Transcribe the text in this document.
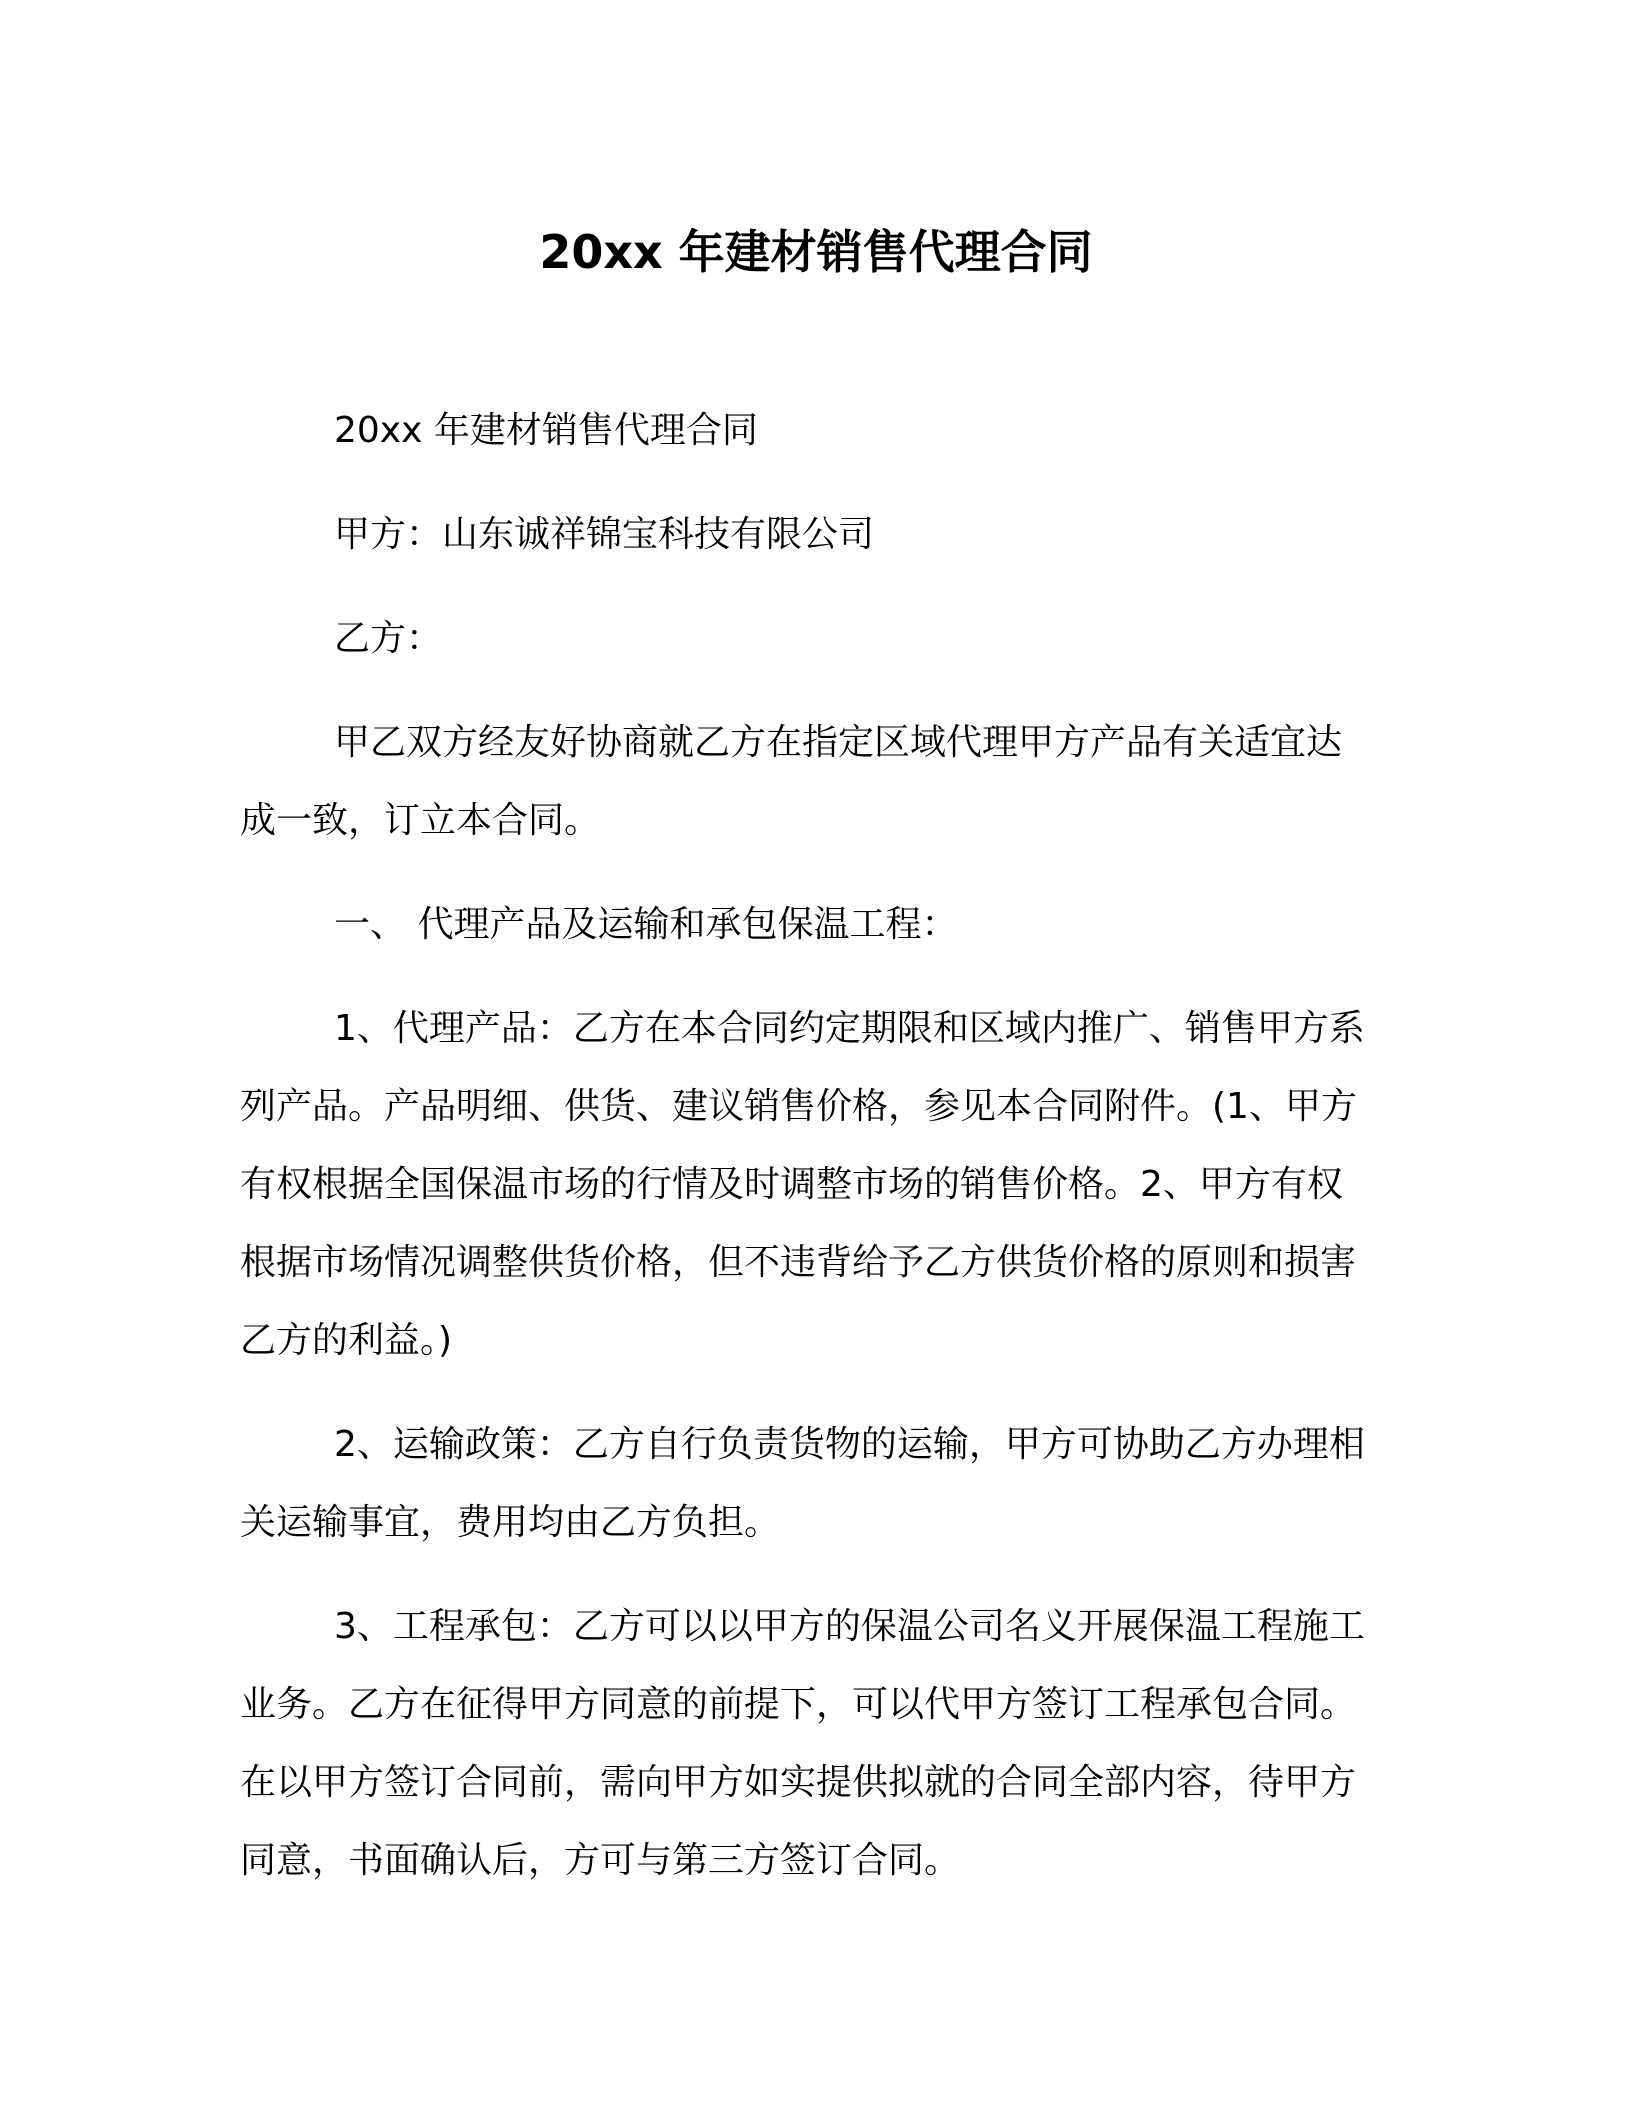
20xx 年建材销售代理合同

20xx 年建材销售代理合同

甲方：山东诚祥锦宝科技有限公司

乙方：

甲乙双方经友好协商就乙方在指定区域代理甲方产品有关适宜达成一致，订立本合同。

一、 代理产品及运输和承包保温工程：

1、代理产品：乙方在本合同约定期限和区域内推广、销售甲方系列产品。产品明细、供货、建议销售价格，参见本合同附件。(1、甲方有权根据全国保温市场的行情及时调整市场的销售价格。2、甲方有权根据市场情况调整供货价格，但不违背给予乙方供货价格的原则和损害乙方的利益。)

2、运输政策：乙方自行负责货物的运输，甲方可协助乙方办理相关运输事宜，费用均由乙方负担。

3、工程承包：乙方可以以甲方的保温公司名义开展保温工程施工业务。乙方在征得甲方同意的前提下，可以代甲方签订工程承包合同。在以甲方签订合同前，需向甲方如实提供拟就的合同全部内容，待甲方同意，书面确认后，方可与第三方签订合同。
